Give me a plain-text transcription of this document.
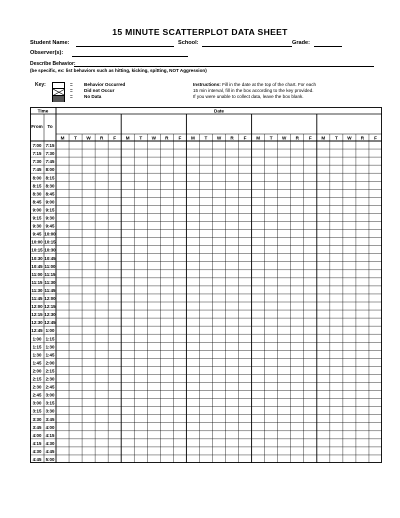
15 MINUTE SCATTERPLOT DATA SHEET
Student Name:	School:	Grade:
Observer(s):
Describe Behavior:
(be specific, ex: list behaviors such as hitting, kicking, spitting, NOT Aggression)
Key:	= Behavior Occurred
= Did not Occur
= No Data
Instructions: Fill in the date at the top of the chart. For each
15 min interval, fill in the box according to the key provided.
If you were unable to collect data, leave the box blank.
Time	Date
From To
M T W R F M T W R F M T W R F M T W R F M T W R F
7:00 7:15
7:15 7:30
7:30 7:45
7:45 8:00
8:00 8:15
8:15 8:30
8:30 8:45
8:45 9:00
9:00 9:15
9:15 9:30
9:30 9:45
9:45 10:00
10:00 10:15
10:15 10:30
10:30 10:45
10:45 11:00
11:00 11:15
11:15 11:30
11:30 11:45
11:45 12:00
12:00 12:15
12:15 12:30
12:30 12:45
12:45 1:00
1:00 1:15
1:15 1:30
1:30 1:45
1:45 2:00
2:00 2:15
2:15 2:30
2:30 2:45
2:45 3:00
3:00 3:15
3:15 3:30
3:30 3:45
3:45 4:00
4:00 4:15
4:15 4:30
4:30 4:45
4:45 5:00
